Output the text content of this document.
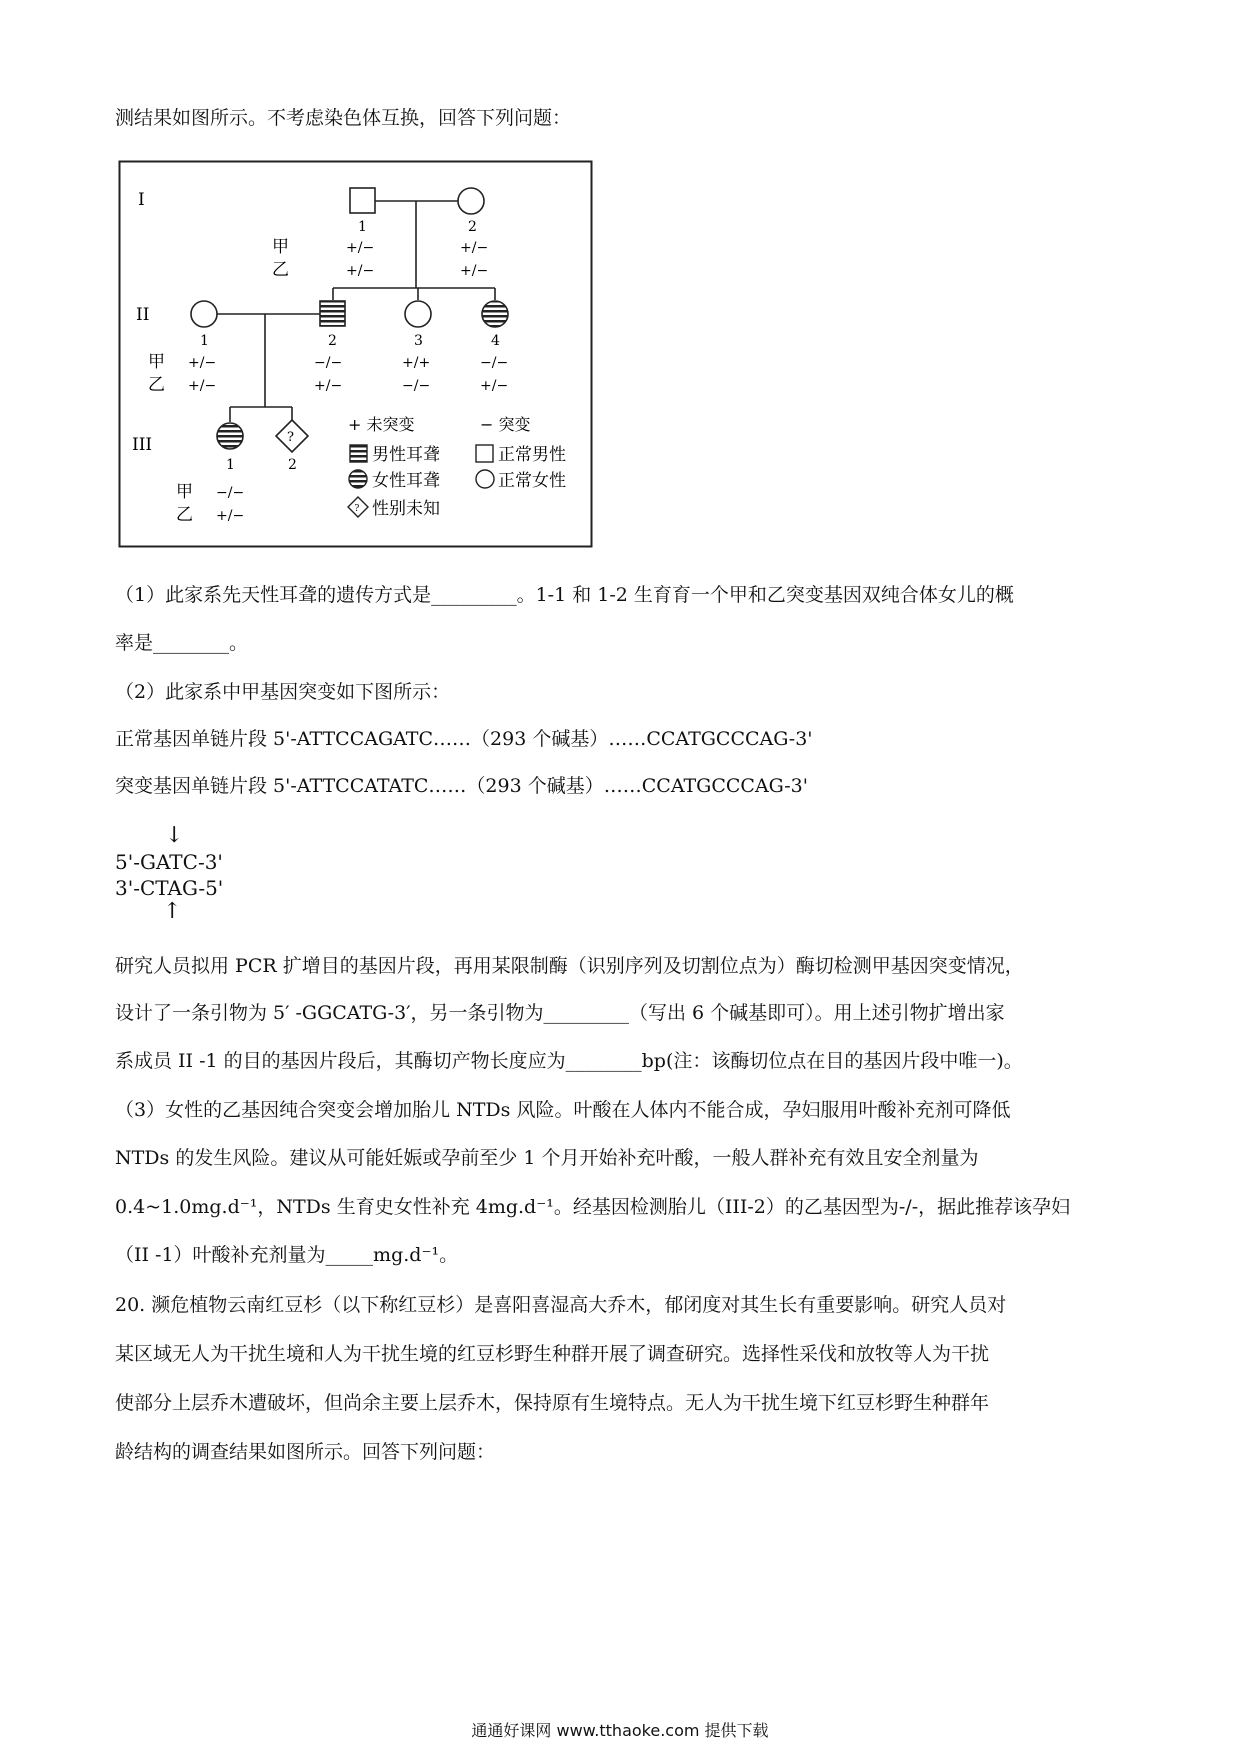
测结果如图所示。不考虑染色体互换，回答下列问题：
I
II
III
1	2
甲
乙
+/−
+/−
+/−
+/−
1	2	3	4
甲
乙
+/−
+/−
−/−
+/−
+/+
−/−
−/−
+/−
?
1	2
甲
乙
−/−
+/−
+ 未突变	− 突变
男性耳聋	正常男性
女性耳聋	正常女性
? 性别未知
（1）此家系先天性耳聋的遗传方式是_________。1-1 和 1-2 生育育一个甲和乙突变基因双纯合体女儿的概
率是________。
（2）此家系中甲基因突变如下图所示：
正常基因单链片段 5'-ATTCCAGATC……（293 个碱基）……CCATGCCCAG-3'
突变基因单链片段 5'-ATTCCATATC……（293 个碱基）……CCATGCCCAG-3'
↓
5'-GATC-3'
3'-CTAG-5'
↑
研究人员拟用 PCR 扩增目的基因片段，再用某限制酶（识别序列及切割位点为）酶切检测甲基因突变情况，
设计了一条引物为 5′ -GGCATG-3′，另一条引物为_________（写出 6 个碱基即可）。用上述引物扩增出家
系成员 II -1 的目的基因片段后，其酶切产物长度应为________bp(注：该酶切位点在目的基因片段中唯一)。
（3）女性的乙基因纯合突变会增加胎儿 NTDs 风险。叶酸在人体内不能合成，孕妇服用叶酸补充剂可降低
NTDs 的发生风险。建议从可能妊娠或孕前至少 1 个月开始补充叶酸，一般人群补充有效且安全剂量为
0.4~1.0mg.d⁻¹，NTDs 生育史女性补充 4mg.d⁻¹。经基因检测胎儿（III-2）的乙基因型为-/-，据此推荐该孕妇
（II -1）叶酸补充剂量为_____mg.d⁻¹。
20. 濒危植物云南红豆杉（以下称红豆杉）是喜阳喜湿高大乔木，郁闭度对其生长有重要影响。研究人员对
某区域无人为干扰生境和人为干扰生境的红豆杉野生种群开展了调查研究。选择性采伐和放牧等人为干扰
使部分上层乔木遭破坏，但尚余主要上层乔木，保持原有生境特点。无人为干扰生境下红豆杉野生种群年
龄结构的调查结果如图所示。回答下列问题：
通通好课网 www.tthaoke.com 提供下载
